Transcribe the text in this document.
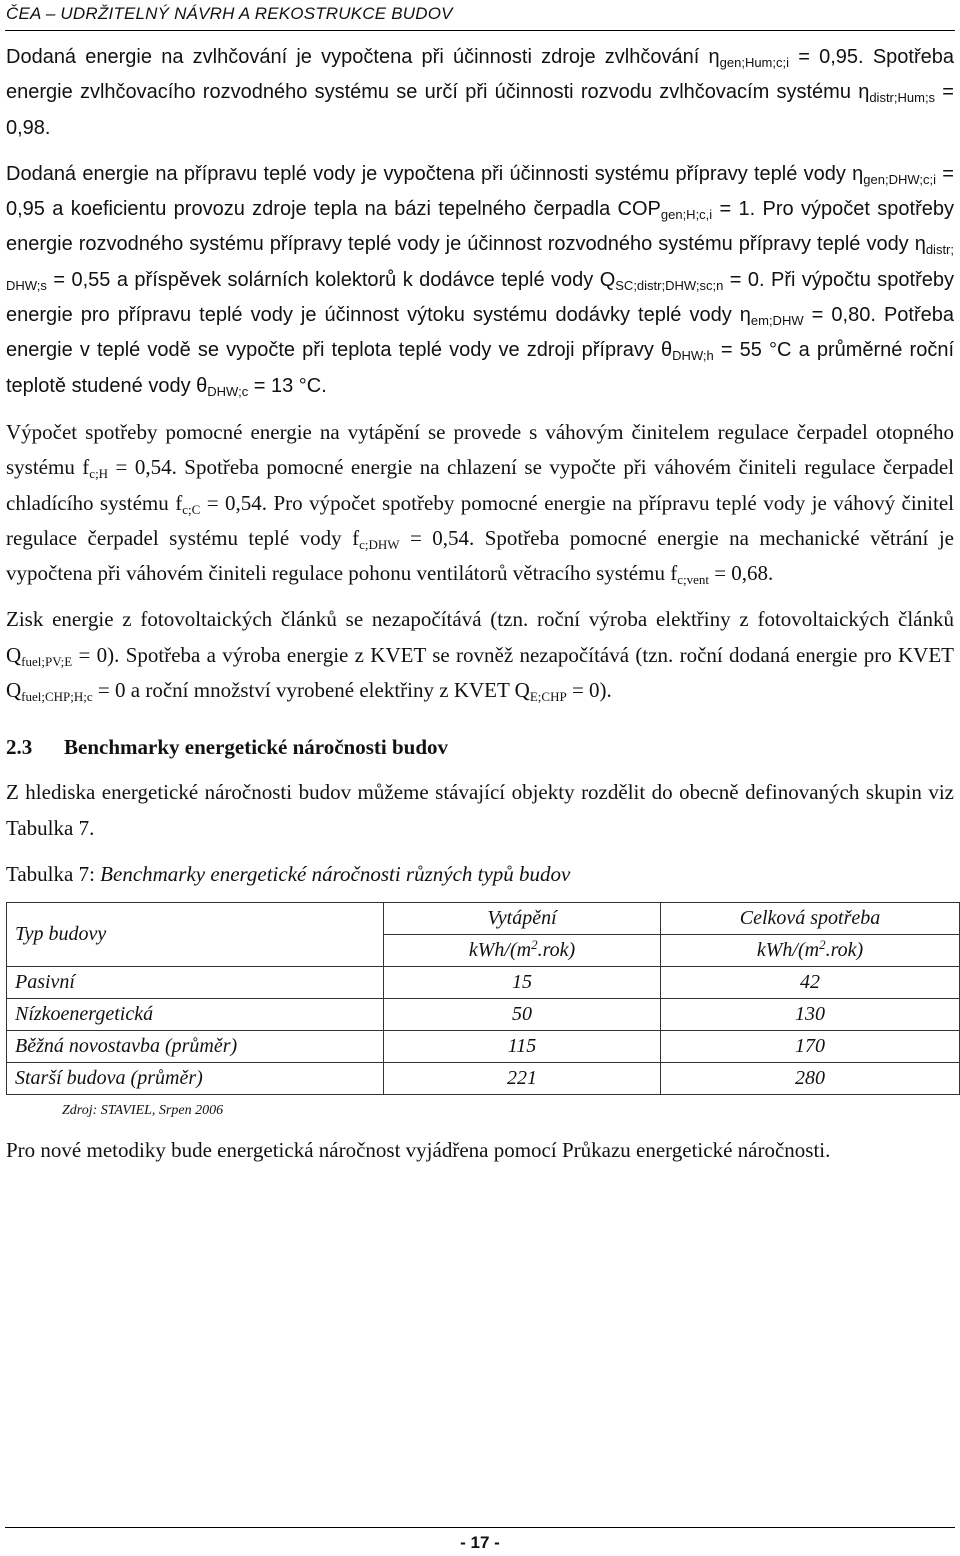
ČEA – UDRŽITELNÝ NÁVRH A REKOSTRUKCE BUDOV

Dodaná energie na zvlhčování je vypočtena při účinnosti zdroje zvlhčování $\eta_{gen;Hum;c;i} = 0,95$. Spotřeba energie zvlhčovacího rozvodného systému se určí při účinnosti rozvodu zvlhčovacím systému $\eta_{distr;Hum;s} = 0,98$.

Dodaná energie na přípravu teplé vody je vypočtena při účinnosti systému přípravy teplé vody $\eta_{gen;DHW;c;i} = 0,95$ a koeficientu provozu zdroje tepla na bázi tepelného čerpadla $COP_{gen;H;c,i} = 1$. Pro výpočet spotřeby energie rozvodného systému přípravy teplé vody je účinnost rozvodného systému přípravy teplé vody $\eta_{distr; DHW;s} = 0,55$ a příspěvek solárních kolektorů k dodávce teplé vody $Q_{SC;distr;DHW;sc;n} = 0$. Při výpočtu spotřeby energie pro přípravu teplé vody je účinnost výtoku systému dodávky teplé vody $\eta_{em;DHW} = 0,80$. Potřeba energie v teplé vodě se vypočte při teplota teplé vody ve zdroji přípravy $\theta_{DHW;h} = 55$ °C a průměrné roční teplotě studené vody $\theta_{DHW;c} = 13$ °C.

Výpočet spotřeby pomocné energie na vytápění se provede s váhovým činitelem regulace čerpadel otopného systému $f_{c;H} = 0,54$. Spotřeba pomocné energie na chlazení se vypočte při váhovém činiteli regulace čerpadel chladícího systému $f_{c;C} = 0,54$. Pro výpočet spotřeby pomocné energie na přípravu teplé vody je váhový činitel regulace čerpadel systému teplé vody $f_{c;DHW} = 0,54$. Spotřeba pomocné energie na mechanické větrání je vypočtena při váhovém činiteli regulace pohonu ventilátorů větracího systému $f_{c;vent} = 0,68$.

Zisk energie z fotovoltaických článků se nezapočítává (tzn. roční výroba elektřiny z fotovoltaických článků $Q_{fuel;PV;E} = 0$). Spotřeba a výroba energie z KVET se rovněž nezapočítává (tzn. roční dodaná energie pro KVET $Q_{fuel;CHP;H;c} = 0$ a roční množství vyrobené elektřiny z KVET $Q_{E;CHP} = 0$).

2.3	Benchmarky energetické náročnosti budov

Z hlediska energetické náročnosti budov můžeme stávající objekty rozdělit do obecně definovaných skupin viz Tabulka 7.

Tabulka 7: Benchmarky energetické náročnosti různých typů budov
Typ budovy	Vytápění	Celková spotřeba
	kWh/$(m^2.rok)$	kWh/$(m^2.rok)$
Pasivní	15	42
Nízkoenergetická	50	130
Běžná novostavba (průměr)	115	170
Starší budova (průměr)	221	280
Zdroj: STAVIEL, Srpen 2006

Pro nové metodiky bude energetická náročnost vyjádřena pomocí Průkazu energetické náročnosti.

- 17 -
